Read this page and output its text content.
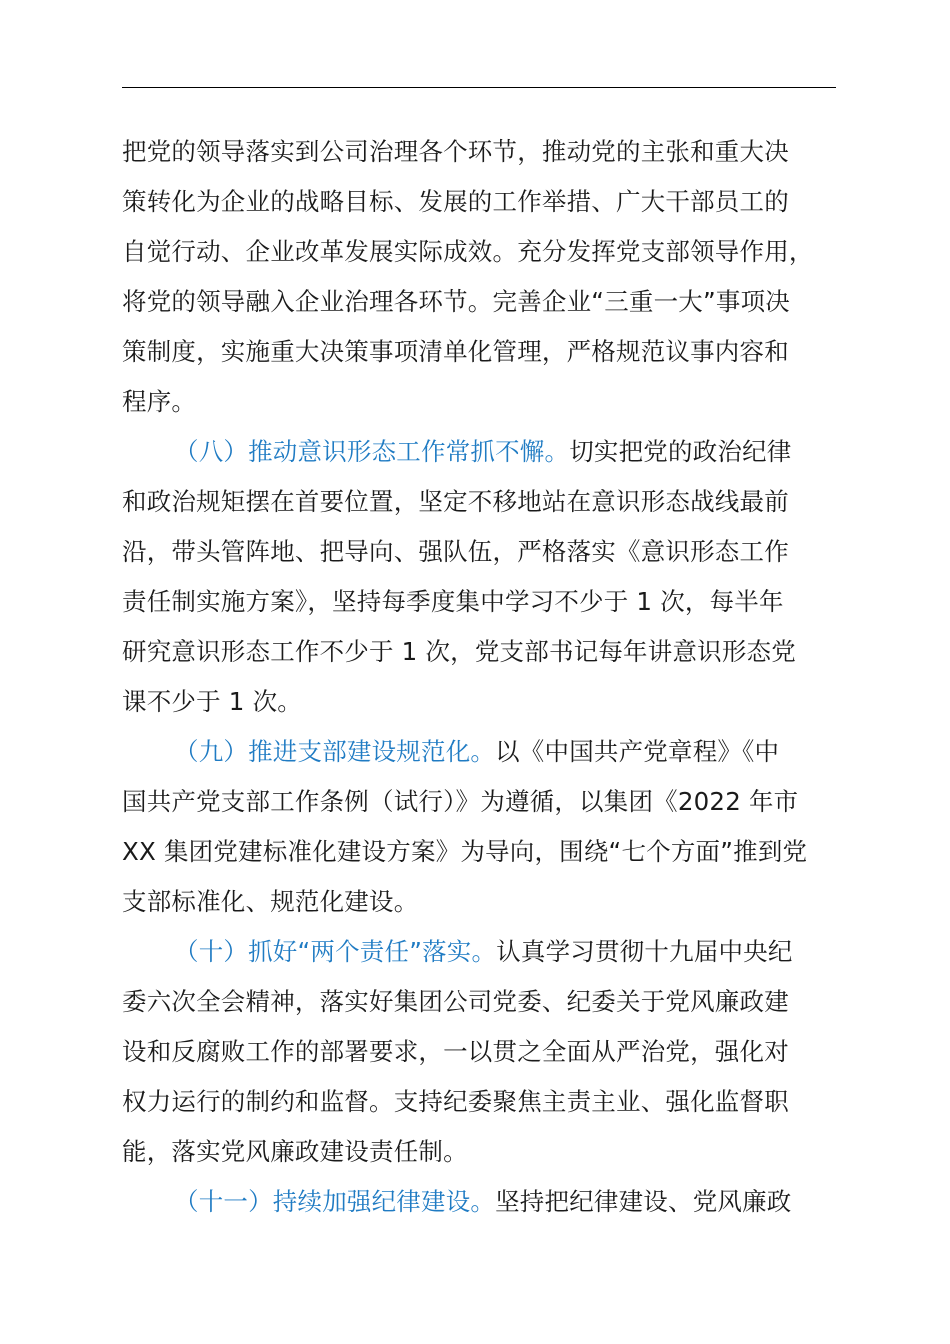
把党的领导落实到公司治理各个环节，推动党的主张和重大决
策转化为企业的战略目标、发展的工作举措、广大干部员工的
自觉行动、企业改革发展实际成效。充分发挥党支部领导作用，
将党的领导融入企业治理各环节。完善企业“三重一大”事项决
策制度，实施重大决策事项清单化管理，严格规范议事内容和
程序。
（八）推动意识形态工作常抓不懈。切实把党的政治纪律
和政治规矩摆在首要位置，坚定不移地站在意识形态战线最前
沿，带头管阵地、把导向、强队伍，严格落实《意识形态工作
责任制实施方案》，坚持每季度集中学习不少于 1 次，每半年
研究意识形态工作不少于 1 次，党支部书记每年讲意识形态党
课不少于 1 次。
（九）推进支部建设规范化。以《中国共产党章程》《中
国共产党支部工作条例（试行）》为遵循，以集团《2022 年市
XX 集团党建标准化建设方案》为导向，围绕“七个方面”推到党
支部标准化、规范化建设。
（十）抓好“两个责任”落实。认真学习贯彻十九届中央纪
委六次全会精神，落实好集团公司党委、纪委关于党风廉政建
设和反腐败工作的部署要求，一以贯之全面从严治党，强化对
权力运行的制约和监督。支持纪委聚焦主责主业、强化监督职
能，落实党风廉政建设责任制。
（十一）持续加强纪律建设。坚持把纪律建设、党风廉政
